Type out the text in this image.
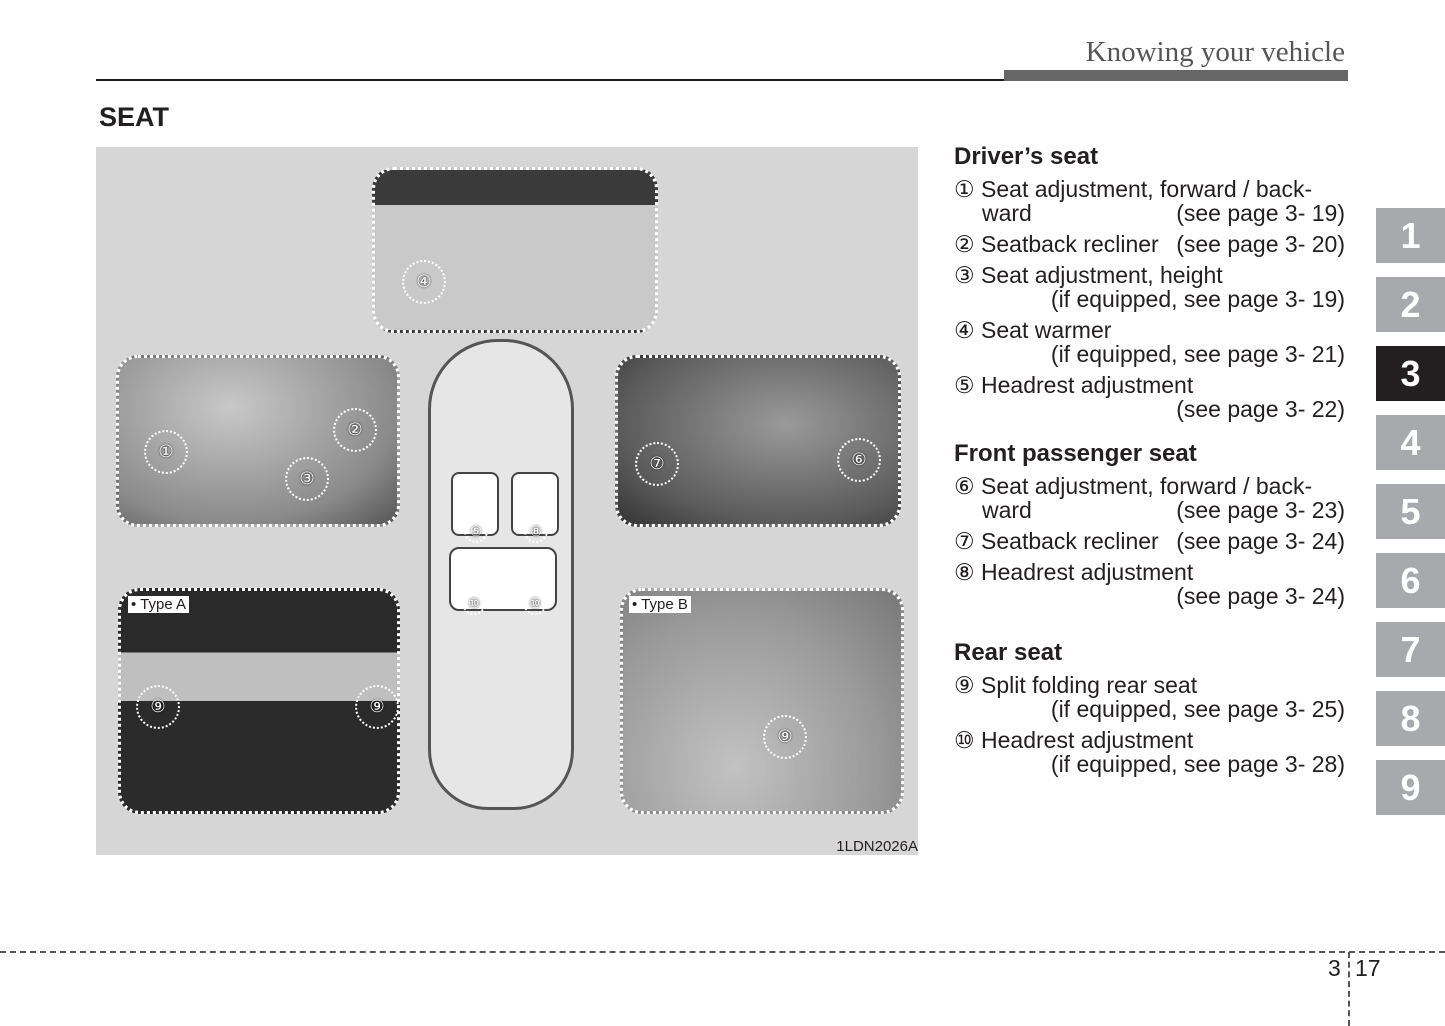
Knowing your vehicle
SEAT
• Type A	• Type B
④
①
②
③
⑦	⑥
⑨	⑨
⑨
⑤	⑧
⑩	⑩
1LDN2026A
Driver’s seat
① Seat adjustment, forward / back-
ward	(see page 3- 19)
② Seatback recliner (see page 3- 20)
③ Seat adjustment, height
(if equipped, see page 3- 19)
④ Seat warmer
(if equipped, see page 3- 21)
⑤ Headrest adjustment
(see page 3- 22)
Front passenger seat
⑥ Seat adjustment, forward / back-
ward	(see page 3- 23)
⑦ Seatback recliner (see page 3- 24)
⑧ Headrest adjustment
(see page 3- 24)
Rear seat
⑨ Split folding rear seat
(if equipped, see page 3- 25)
⑩ Headrest adjustment
(if equipped, see page 3- 28)
1
2
3
4
5
6
7
8
9
3 17
